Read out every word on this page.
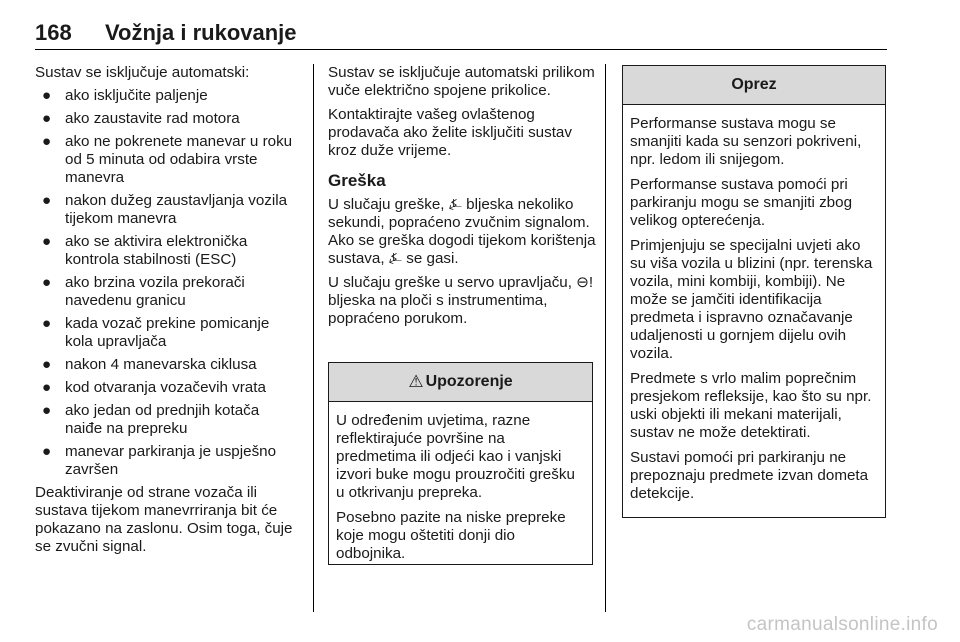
168 Vožnja i rukovanje

Sustav se isključuje automatski:

● ako isključite paljenje
● ako zaustavite rad motora
● ako ne pokrenete manevar u roku od 5 minuta od odabira vrste manevra
● nakon dužeg zaustavljanja vozila tijekom manevra
● ako se aktivira elektronička kontrola stabilnosti (ESC)
● ako brzina vozila prekorači navedenu granicu
● kada vozač prekine pomicanje kola upravljača
● nakon 4 manevarska ciklusa
● kod otvaranja vozačevih vrata
● ako jedan od prednjih kotača naiđe na prepreku
● manevar parkiranja je uspješno završen

Deaktiviranje od strane vozača ili sustava tijekom manevrriranja bit će pokazano na zaslonu. Osim toga, čuje se zvučni signal.

Sustav se isključuje automatski prilikom vuče električno spojene prikolice.

Kontaktirajte vašeg ovlaštenog prodavača ako želite isključiti sustav kroz duže vrijeme.

Greška

U slučaju greške, ⍼ bljeska nekoliko sekundi, popraćeno zvučnim signalom. Ako se greška dogodi tijekom korištenja sustava, ⍼ se gasi.

U slučaju greške u servo upravljaču, ⊖! bljeska na ploči s instrumentima, popraćeno porukom.

⚠ Upozorenje

U određenim uvjetima, razne reflektirajuće površine na predmetima ili odjeći kao i vanjski izvori buke mogu prouzročiti grešku u otkrivanju prepreka.

Posebno pazite na niske prepreke koje mogu oštetiti donji dio odbojnika.

Oprez

Performanse sustava mogu se smanjiti kada su senzori pokriveni, npr. ledom ili snijegom.

Performanse sustava pomoći pri parkiranju mogu se smanjiti zbog velikog opterećenja.

Primjenjuju se specijalni uvjeti ako su viša vozila u blizini (npr. terenska vozila, mini kombiji, kombiji). Ne može se jamčiti identifikacija predmeta i ispravno označavanje udaljenosti u gornjem dijelu ovih vozila.

Predmete s vrlo malim poprečnim presjekom refleksije, kao što su npr. uski objekti ili mekani materijali, sustav ne može detektirati.

Sustavi pomoći pri parkiranju ne prepoznaju predmete izvan dometa detekcije.

carmanualsonline.info
